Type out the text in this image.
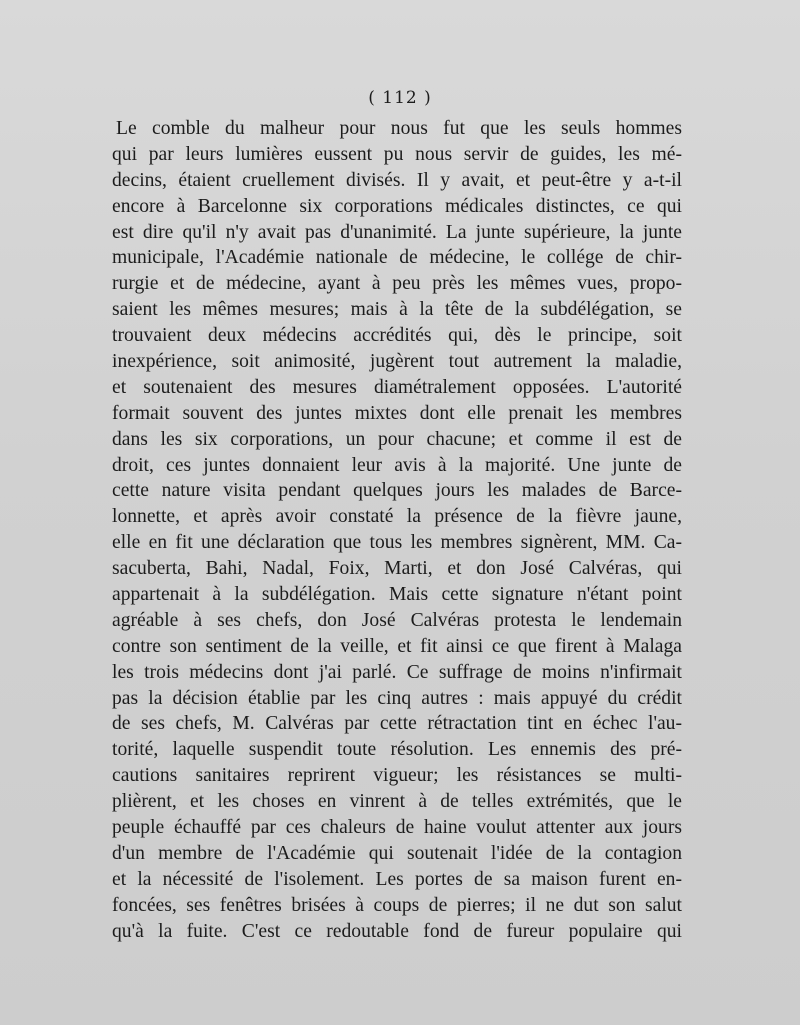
( 112 )
Le comble du malheur pour nous fut que les seuls hommes
qui par leurs lumières eussent pu nous servir de guides, les mé-
decins, étaient cruellement divisés. Il y avait, et peut-être y a-t-il
encore à Barcelonne six corporations médicales distinctes, ce qui
est dire qu'il n'y avait pas d'unanimité. La junte supérieure, la junte
municipale, l'Académie nationale de médecine, le collége de chir-
rurgie et de médecine, ayant à peu près les mêmes vues, propo-
saient les mêmes mesures; mais à la tête de la subdélégation, se
trouvaient deux médecins accrédités qui, dès le principe, soit
inexpérience, soit animosité, jugèrent tout autrement la maladie,
et soutenaient des mesures diamétralement opposées. L'autorité
formait souvent des juntes mixtes dont elle prenait les membres
dans les six corporations, un pour chacune; et comme il est de
droit, ces juntes donnaient leur avis à la majorité. Une junte de
cette nature visita pendant quelques jours les malades de Barce-
lonnette, et après avoir constaté la présence de la fièvre jaune,
elle en fit une déclaration que tous les membres signèrent, MM. Ca-
sacuberta, Bahi, Nadal, Foix, Marti, et don José Calvéras, qui
appartenait à la subdélégation. Mais cette signature n'étant point
agréable à ses chefs, don José Calvéras protesta le lendemain
contre son sentiment de la veille, et fit ainsi ce que firent à Malaga
les trois médecins dont j'ai parlé. Ce suffrage de moins n'infirmait
pas la décision établie par les cinq autres : mais appuyé du crédit
de ses chefs, M. Calvéras par cette rétractation tint en échec l'au-
torité, laquelle suspendit toute résolution. Les ennemis des pré-
cautions sanitaires reprirent vigueur; les résistances se multi-
plièrent, et les choses en vinrent à de telles extrémités, que le
peuple échauffé par ces chaleurs de haine voulut attenter aux jours
d'un membre de l'Académie qui soutenait l'idée de la contagion
et la nécessité de l'isolement. Les portes de sa maison furent en-
foncées, ses fenêtres brisées à coups de pierres; il ne dut son salut
qu'à la fuite. C'est ce redoutable fond de fureur populaire qui
